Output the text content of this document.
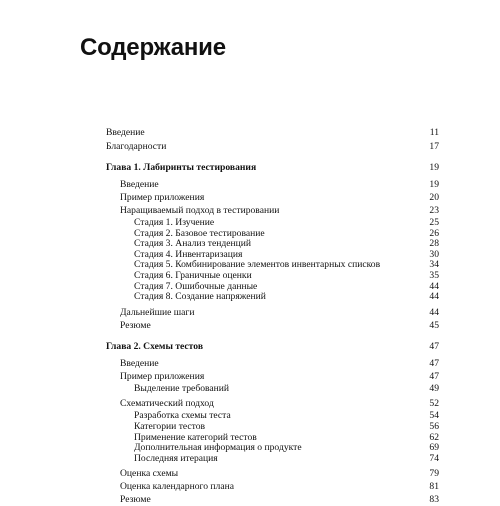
Содержание
Введение	11
Благодарности	17
Глава 1. Лабиринты тестирования	19
Введение	19
Пример приложения	20
Наращиваемый подход в тестировании	23
Стадия 1. Изучение	25
Стадия 2. Базовое тестирование	26
Стадия 3. Анализ тенденций	28
Стадия 4. Инвентаризация	30
Стадия 5. Комбинирование элементов инвентарных списков	34
Стадия 6. Граничные оценки	35
Стадия 7. Ошибочные данные	44
Стадия 8. Создание напряжений	44
Дальнейшие шаги	44
Резюме	45
Глава 2. Схемы тестов	47
Введение	47
Пример приложения	47
Выделение требований	49
Схематический подход	52
Разработка схемы теста	54
Категории тестов	56
Применение категорий тестов	62
Дополнительная информация о продукте	69
Последняя итерация	74
Оценка схемы	79
Оценка календарного плана	81
Резюме	83
